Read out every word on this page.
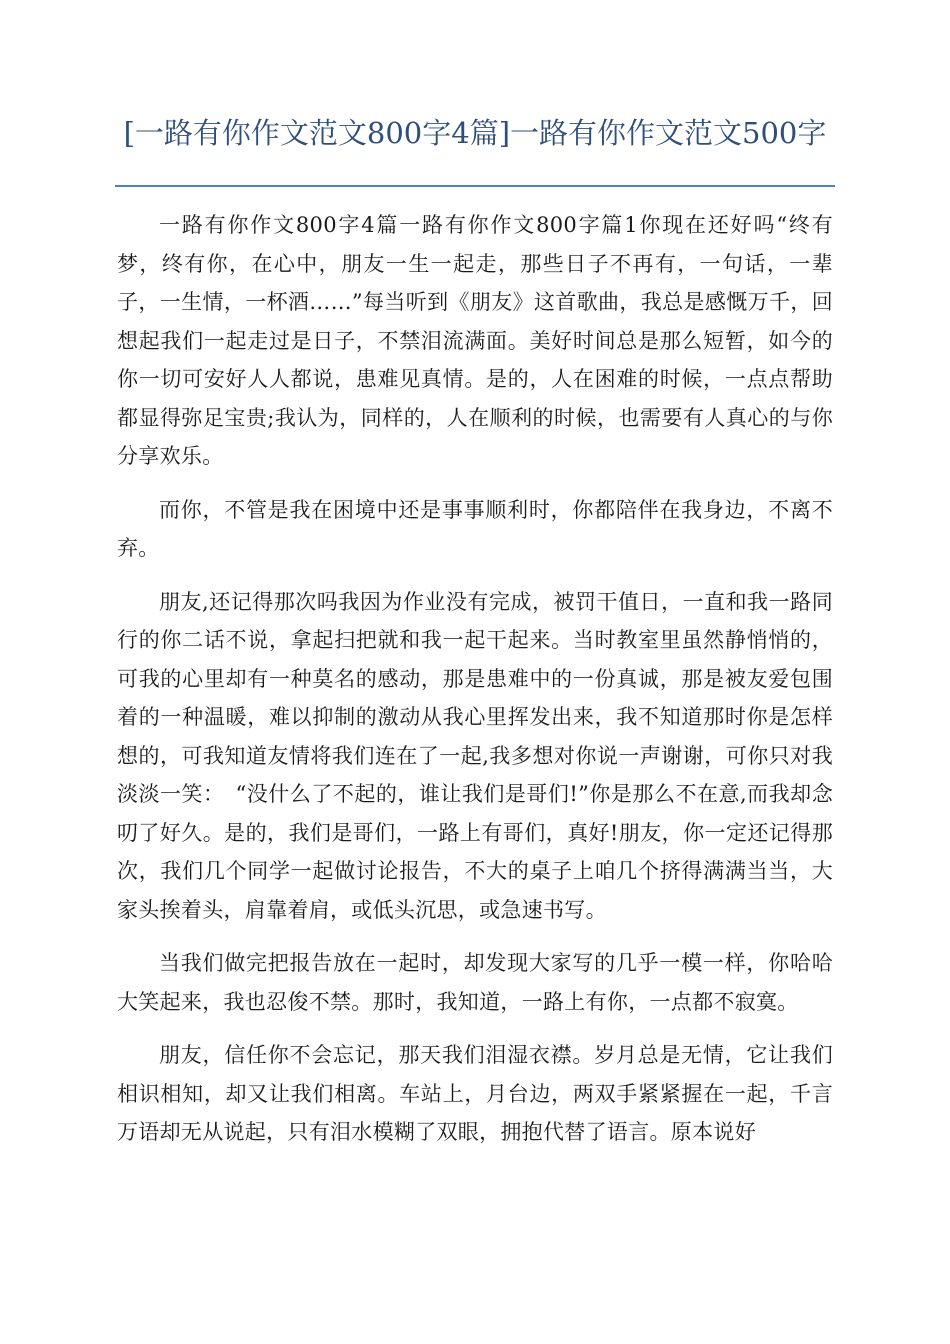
[一路有你作文范文800字4篇]一路有你作文范文500字

一路有你作文800字4篇一路有你作文800字篇1你现在还好吗“终有梦，终有你，在心中，朋友一生一起走，那些日子不再有，一句话，一辈子，一生情，一杯酒……”每当听到《朋友》这首歌曲，我总是感慨万千，回想起我们一起走过是日子，不禁泪流满面。美好时间总是那么短暂，如今的你一切可安好人人都说，患难见真情。是的，人在困难的时候，一点点帮助都显得弥足宝贵;我认为，同样的，人在顺利的时候，也需要有人真心的与你分享欢乐。

而你，不管是我在困境中还是事事顺利时，你都陪伴在我身边，不离不弃。

朋友,还记得那次吗我因为作业没有完成，被罚干值日，一直和我一路同行的你二话不说，拿起扫把就和我一起干起来。当时教室里虽然静悄悄的，可我的心里却有一种莫名的感动，那是患难中的一份真诚，那是被友爱包围着的一种温暖，难以抑制的激动从我心里挥发出来，我不知道那时你是怎样想的，可我知道友情将我们连在了一起,我多想对你说一声谢谢，可你只对我淡淡一笑：　“没什么了不起的，谁让我们是哥们!”你是那么不在意,而我却念叨了好久。是的，我们是哥们，一路上有哥们，真好!朋友，你一定还记得那次，我们几个同学一起做讨论报告，不大的桌子上咱几个挤得满满当当，大家头挨着头，肩靠着肩，或低头沉思，或急速书写。

当我们做完把报告放在一起时，却发现大家写的几乎一模一样，你哈哈大笑起来，我也忍俊不禁。那时，我知道，一路上有你，一点都不寂寞。

朋友，信任你不会忘记，那天我们泪湿衣襟。岁月总是无情，它让我们相识相知，却又让我们相离。车站上，月台边，两双手紧紧握在一起，千言万语却无从说起，只有泪水模糊了双眼，拥抱代替了语言。原本说好
